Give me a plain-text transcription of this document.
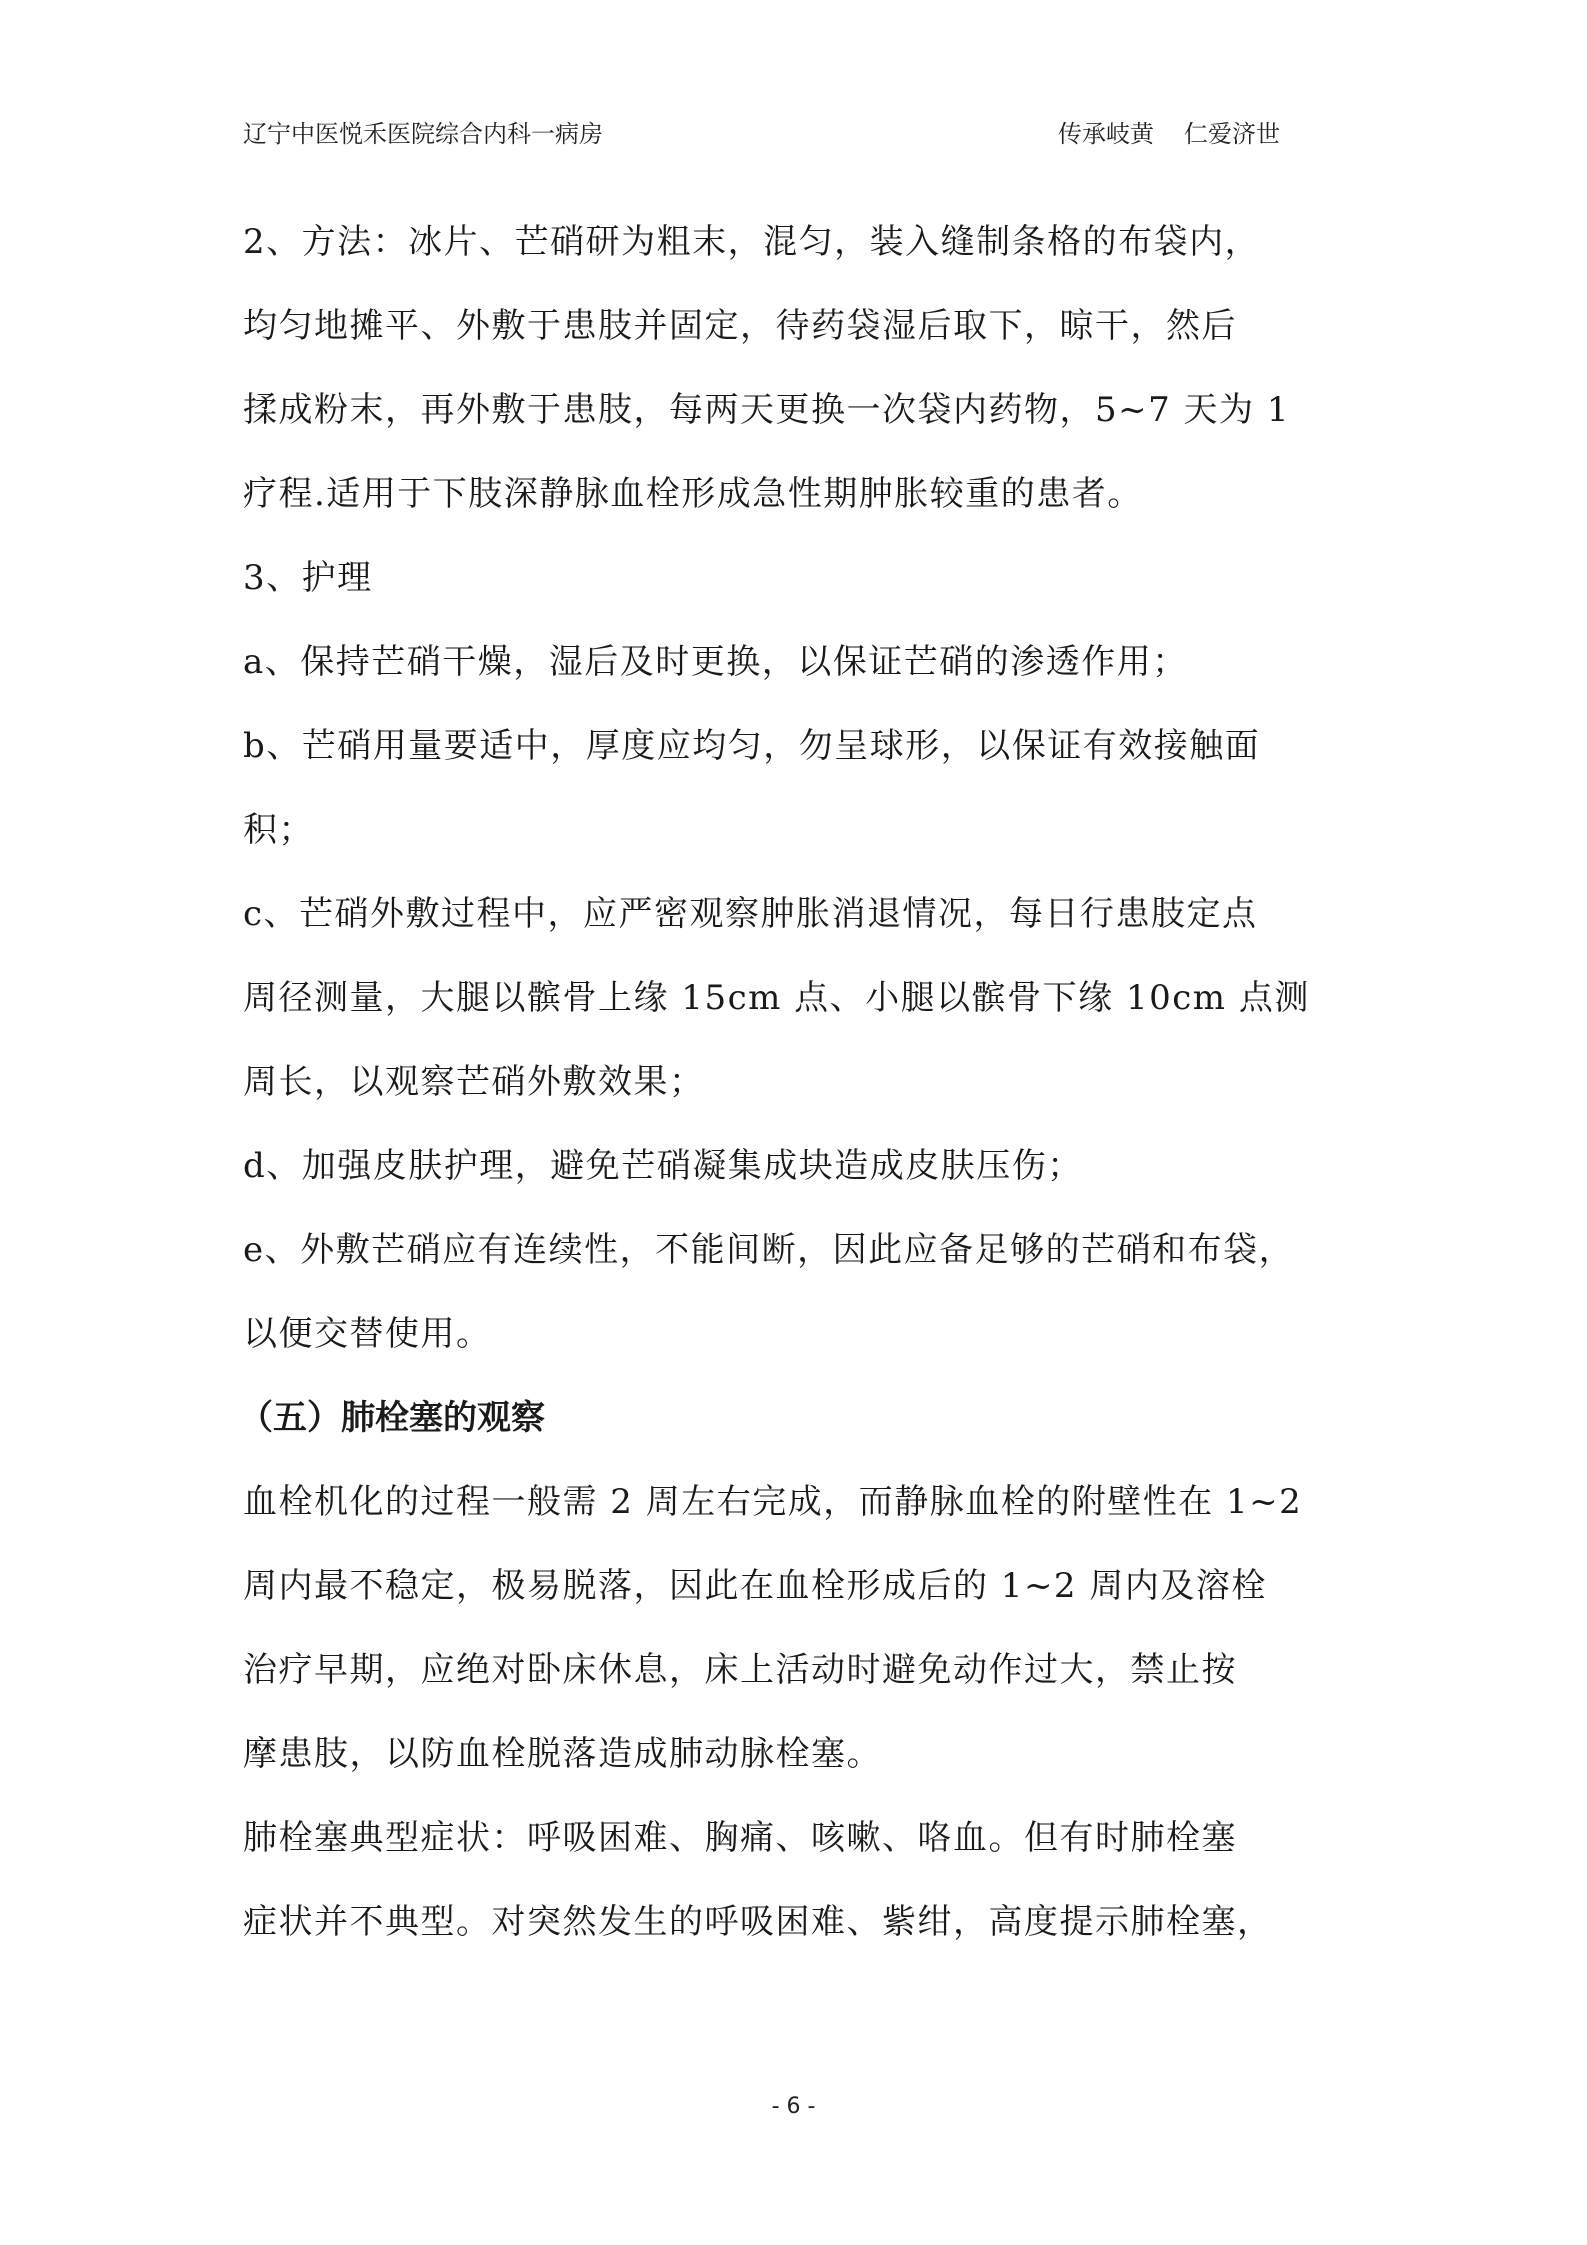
辽宁中医悦禾医院综合内科一病房	传承岐黄 仁爱济世
2、方法：冰片、芒硝研为粗末，混匀，装入缝制条格的布袋内，
均匀地摊平、外敷于患肢并固定，待药袋湿后取下，晾干，然后
揉成粉末，再外敷于患肢，每两天更换一次袋内药物，5~7 天为 1
疗程.适用于下肢深静脉血栓形成急性期肿胀较重的患者。
3、护理
a、保持芒硝干燥，湿后及时更换，以保证芒硝的渗透作用；
b、芒硝用量要适中，厚度应均匀，勿呈球形，以保证有效接触面
积；
c、芒硝外敷过程中，应严密观察肿胀消退情况，每日行患肢定点
周径测量，大腿以髌骨上缘 15cm 点、小腿以髌骨下缘 10cm 点测
周长，以观察芒硝外敷效果；
d、加强皮肤护理，避免芒硝凝集成块造成皮肤压伤；
e、外敷芒硝应有连续性，不能间断，因此应备足够的芒硝和布袋，
以便交替使用。
（五）肺栓塞的观察
血栓机化的过程一般需 2 周左右完成，而静脉血栓的附壁性在 1~2
周内最不稳定，极易脱落，因此在血栓形成后的 1~2 周内及溶栓
治疗早期，应绝对卧床休息，床上活动时避免动作过大，禁止按
摩患肢，以防血栓脱落造成肺动脉栓塞。
肺栓塞典型症状：呼吸困难、胸痛、咳嗽、咯血。但有时肺栓塞
症状并不典型。对突然发生的呼吸困难、紫绀，高度提示肺栓塞，
- 6 -
